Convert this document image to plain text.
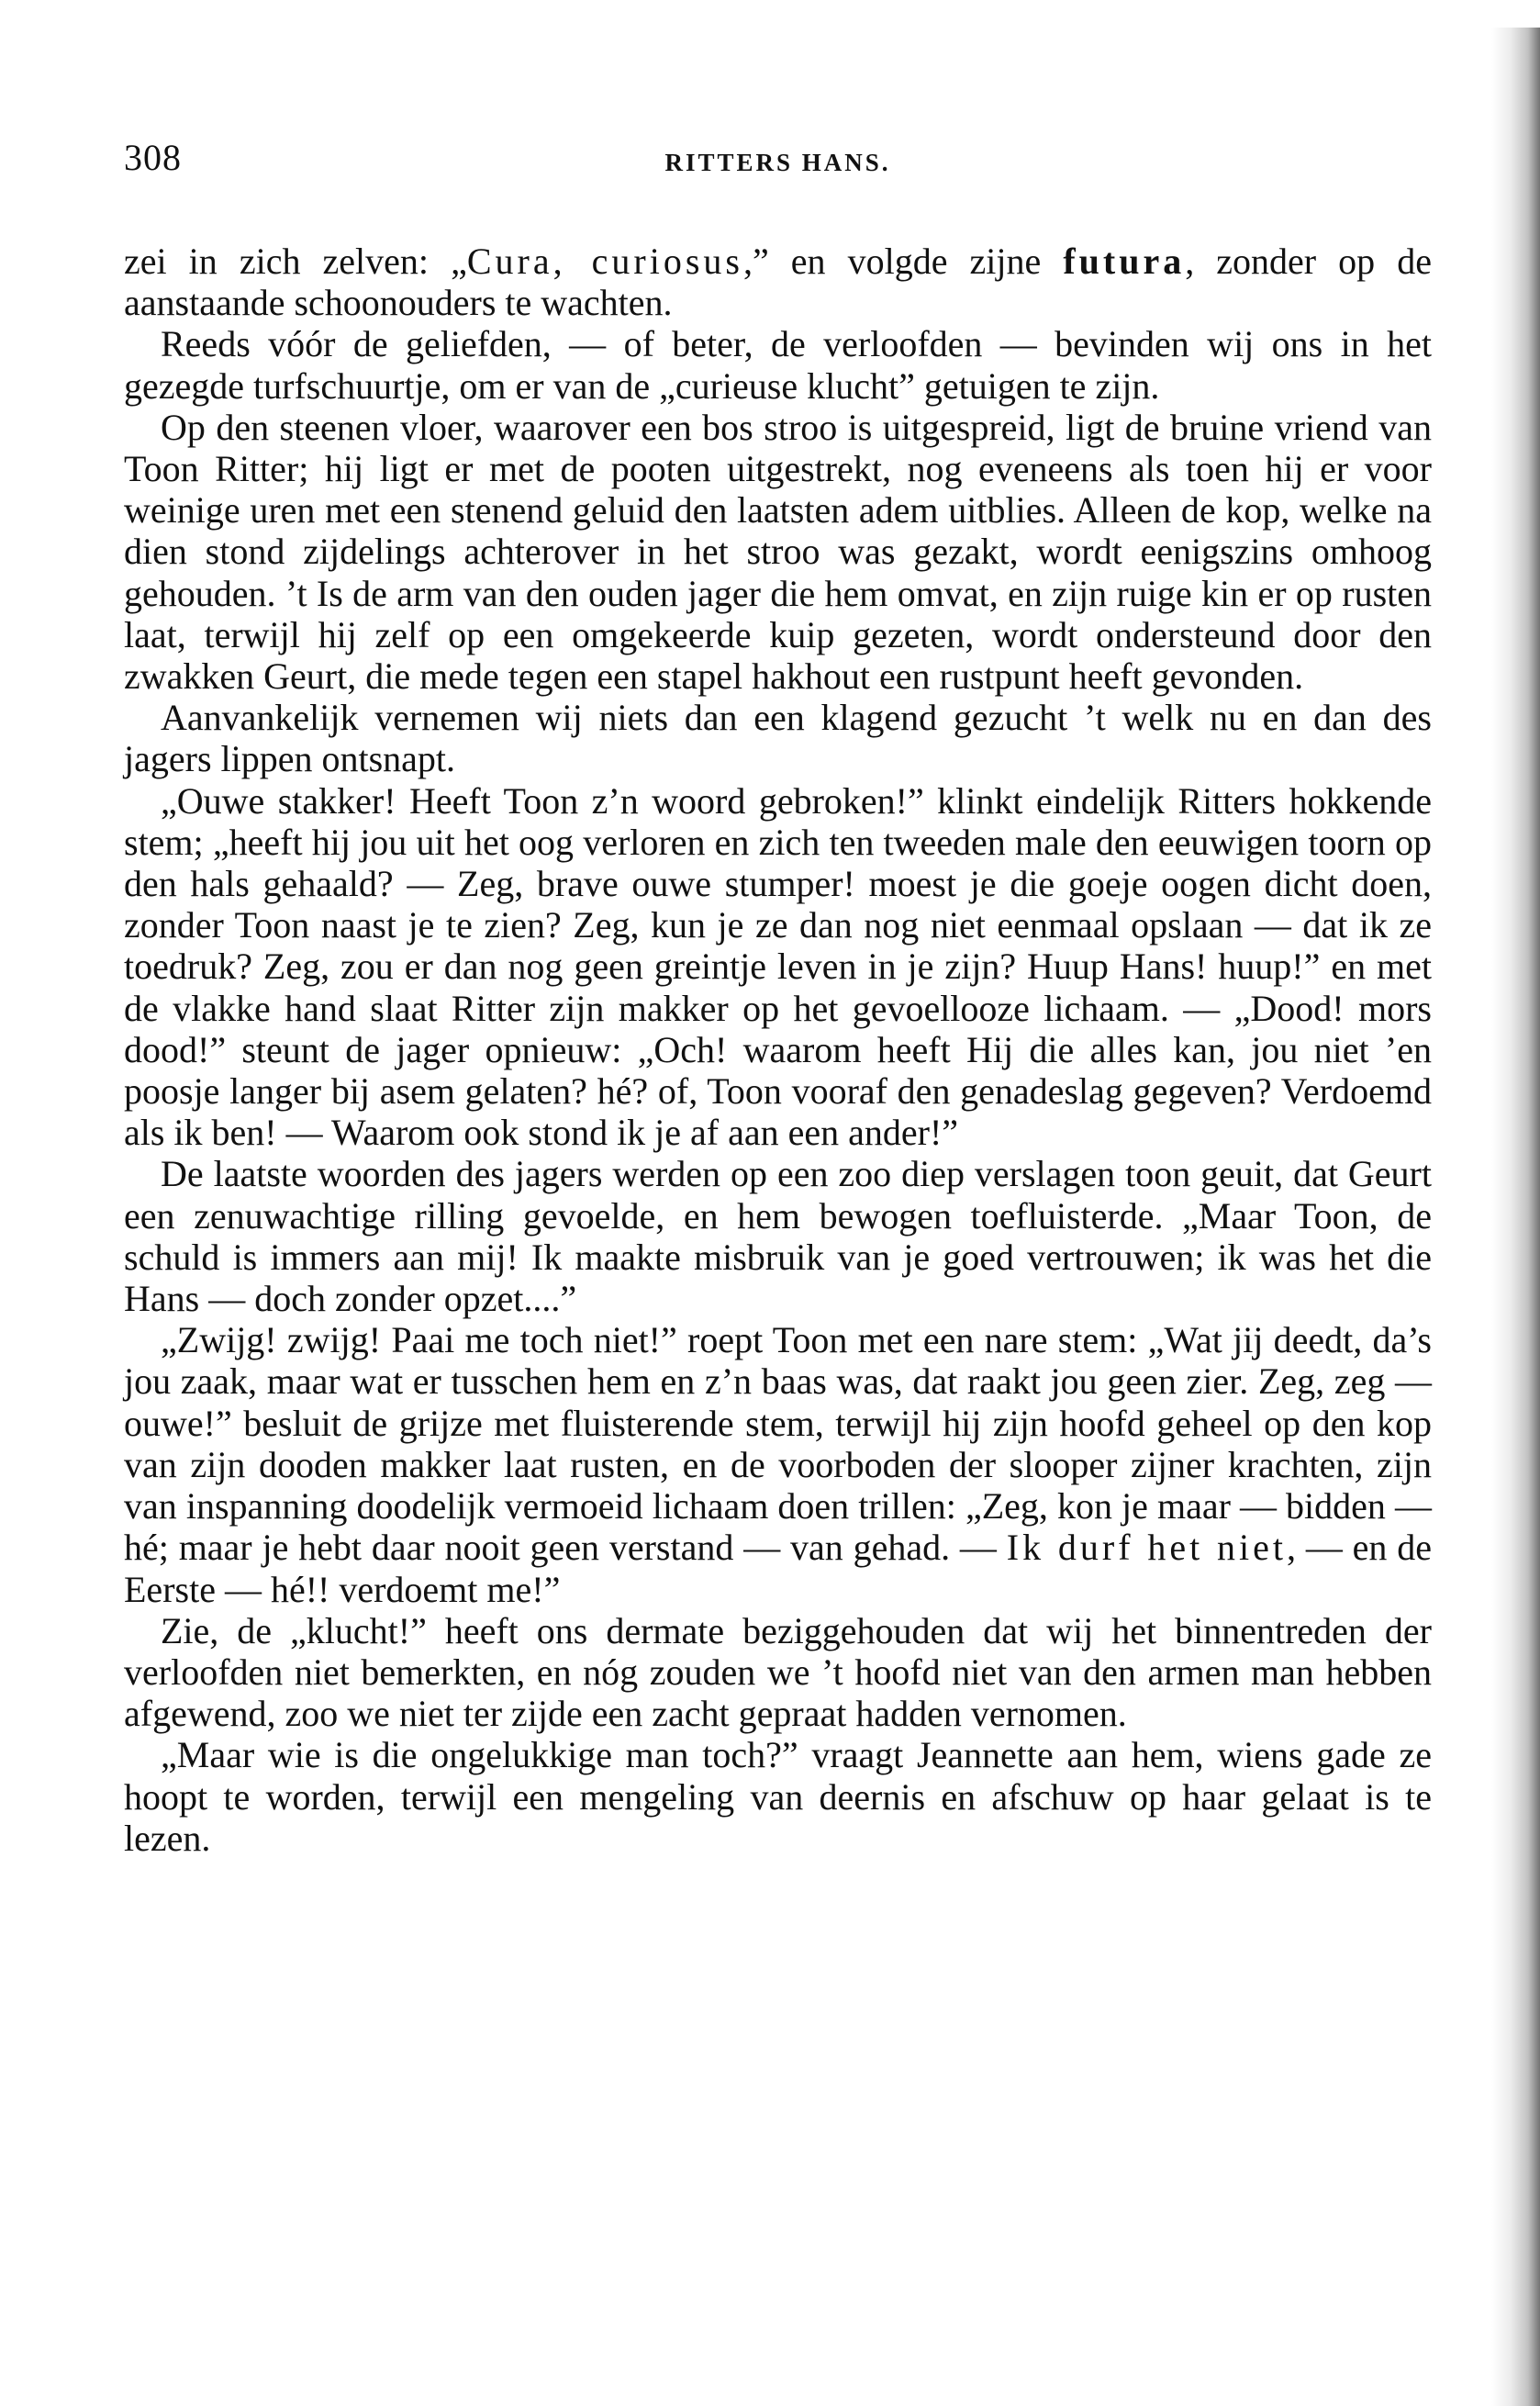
308	RITTERS HANS.

zei in zich zelven: „Cura, curiosus,” en volgde zijne futura, zonder op de aanstaande schoonouders te wachten.

Reeds vóór de geliefden, — of beter, de verloofden — bevinden wij ons in het gezegde turfschuurtje, om er van de „curieuse klucht” getuigen te zijn.

Op den steenen vloer, waarover een bos stroo is uitgespreid, ligt de bruine vriend van Toon Ritter; hij ligt er met de pooten uitgestrekt, nog eveneens als toen hij er voor weinige uren met een stenend geluid den laatsten adem uitblies. Alleen de kop, welke na dien stond zijdelings achterover in het stroo was gezakt, wordt eenigszins omhoog gehouden. ’t Is de arm van den ouden jager die hem omvat, en zijn ruige kin er op rusten laat, terwijl hij zelf op een omgekeerde kuip gezeten, wordt ondersteund door den zwakken Geurt, die mede tegen een stapel hakhout een rustpunt heeft gevonden.

Aanvankelijk vernemen wij niets dan een klagend gezucht ’t welk nu en dan des jagers lippen ontsnapt.

„Ouwe stakker! Heeft Toon z’n woord gebroken!” klinkt eindelijk Ritters hokkende stem; „heeft hij jou uit het oog verloren en zich ten tweeden male den eeuwigen toorn op den hals gehaald? — Zeg, brave ouwe stumper! moest je die goeje oogen dicht doen, zonder Toon naast je te zien? Zeg, kun je ze dan nog niet eenmaal opslaan — dat ik ze toedruk? Zeg, zou er dan nog geen greintje leven in je zijn? Huup Hans! huup!” en met de vlakke hand slaat Ritter zijn makker op het gevoellooze lichaam. — „Dood! mors dood!” steunt de jager opnieuw: „Och! waarom heeft Hij die alles kan, jou niet ’en poosje langer bij asem gelaten? hé? of, Toon vooraf den genadeslag gegeven? Verdoemd als ik ben! — Waarom ook stond ik je af aan een ander!”

De laatste woorden des jagers werden op een zoo diep verslagen toon geuit, dat Geurt een zenuwachtige rilling gevoelde, en hem bewogen toefluisterde. „Maar Toon, de schuld is immers aan mij! Ik maakte misbruik van je goed vertrouwen; ik was het die Hans — doch zonder opzet....”

„Zwijg! zwijg! Paai me toch niet!” roept Toon met een nare stem: „Wat jij deedt, da’s jou zaak, maar wat er tusschen hem en z’n baas was, dat raakt jou geen zier. Zeg, zeg — ouwe!” besluit de grijze met fluisterende stem, terwijl hij zijn hoofd geheel op den kop van zijn dooden makker laat rusten, en de voorboden der slooper zijner krachten, zijn van inspanning doodelijk vermoeid lichaam doen trillen: „Zeg, kon je maar — bidden — hé; maar je hebt daar nooit geen verstand — van gehad. — Ik durf het niet, — en de Eerste — hé!! verdoemt me!”

Zie, de „klucht!” heeft ons dermate beziggehouden dat wij het binnentreden der verloofden niet bemerkten, en nóg zouden we ’t hoofd niet van den armen man hebben afgewend, zoo we niet ter zijde een zacht gepraat hadden vernomen.

„Maar wie is die ongelukkige man toch?” vraagt Jeannette aan hem, wiens gade ze hoopt te worden, terwijl een mengeling van deernis en afschuw op haar gelaat is te lezen.
